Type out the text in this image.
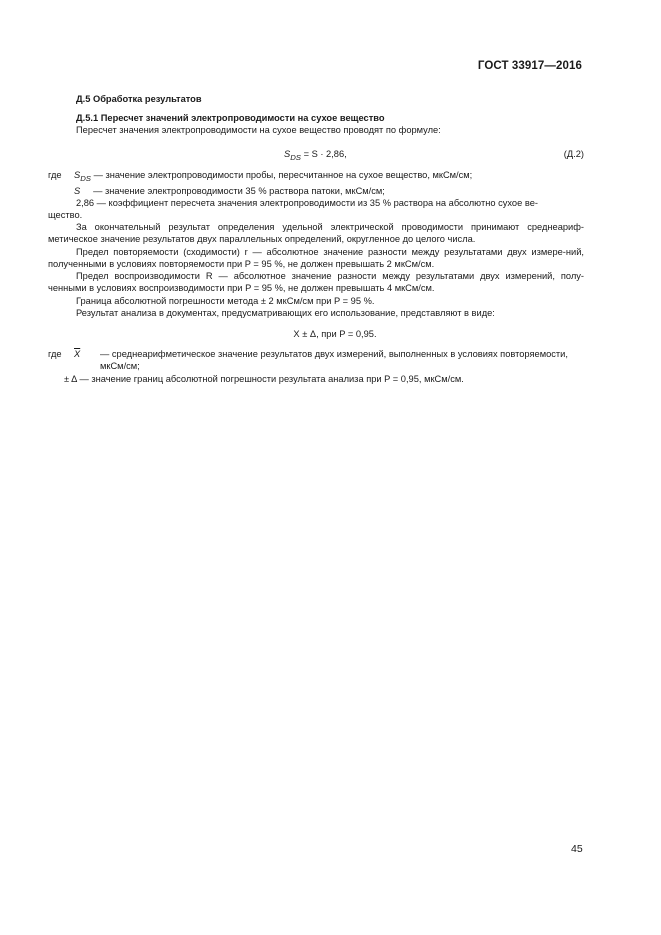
ГОСТ 33917—2016
Д.5 Обработка результатов
Д.5.1 Пересчет значений электропроводимости на сухое вещество
Пересчет значения электропроводимости на сухое вещество проводят по формуле:
$S_{DS} = S \cdot 2,86$,	(Д.2)
где	$S_{DS}$ — значение электропроводимости пробы, пересчитанное на сухое вещество, мкСм/см;
S     — значение электропроводимости 35 % раствора патоки, мкСм/см;
2,86 — коэффициент пересчета значения электропроводимости из 35 % раствора на абсолютно сухое ве-
щество.
За окончательный результат определения удельной электрической проводимости принимают среднеариф-метическое значение результатов двух параллельных определений, округленное до целого числа.
Предел повторяемости (сходимости) r — абсолютное значение разности между результатами двух измере-ний, полученными в условиях повторяемости при P = 95 %, не должен превышать 2 мкСм/см.
Предел воспроизводимости R — абсолютное значение разности между результатами двух измерений, полу-ченными в условиях воспроизводимости при P = 95 %, не должен превышать 4 мкСм/см.
Граница абсолютной погрешности метода ± 2 мкСм/см при P = 95 %.
Результат анализа в документах, предусматривающих его использование, представляют в виде:
X ± Δ, при P = 0,95.
где	$\overline{X}$	— среднеарифметическое значение результатов двух измерений, выполненных в условиях повторяемости,
мкСм/см;
± Δ — значение границ абсолютной погрешности результата анализа при P = 0,95, мкСм/см.
45
